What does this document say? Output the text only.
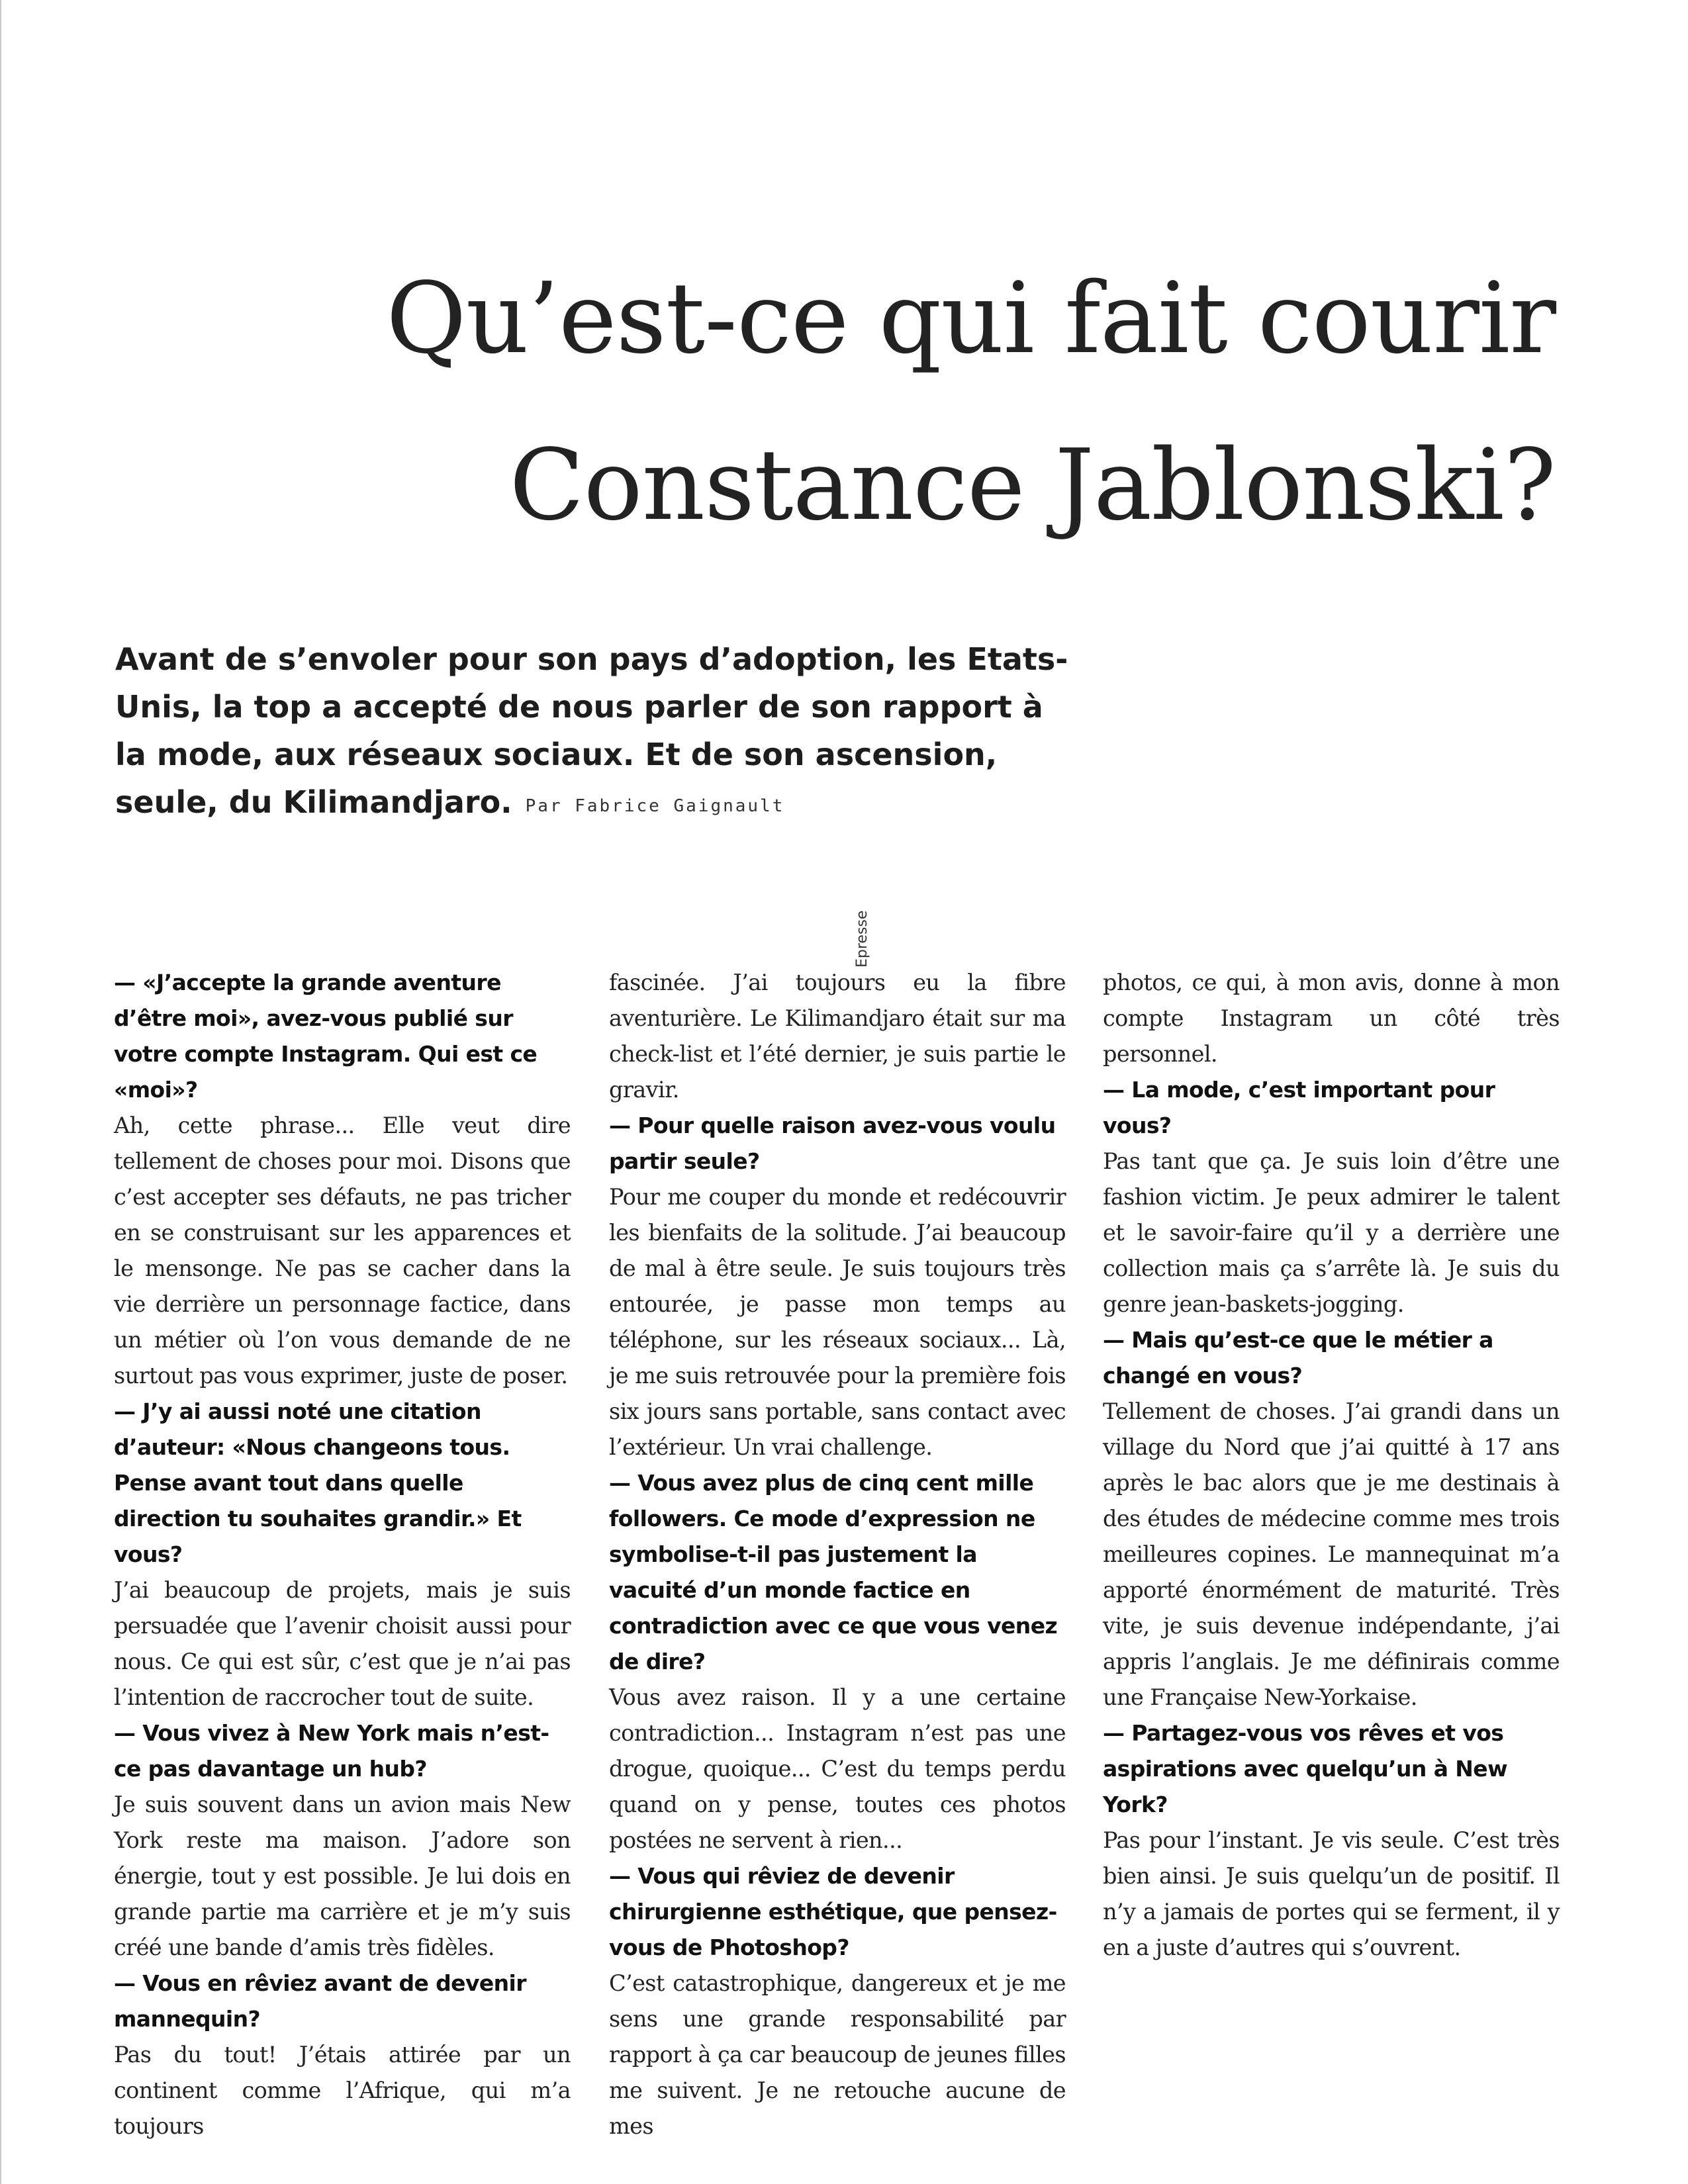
Qu’est-ce qui fait courir
Constance Jablonski?

Avant de s’envoler pour son pays d’adoption, les Etats-Unis, la top a accepté de nous parler de son rapport à la mode, aux réseaux sociaux. Et de son ascension, seule, du Kilimandjaro. Par Fabrice Gaignault

— «J’accepte la grande aventure d’être moi», avez-vous publié sur votre compte Instagram. Qui est ce «moi»?

Ah, cette phrase... Elle veut dire tellement de choses pour moi. Disons que c’est accepter ses défauts, ne pas tricher en se construisant sur les apparences et le mensonge. Ne pas se cacher dans la vie derrière un personnage factice, dans un métier où l’on vous demande de ne surtout pas vous exprimer, juste de poser.

— J’y ai aussi noté une citation d’auteur: «Nous changeons tous. Pense avant tout dans quelle direction tu souhaites grandir.» Et vous?

J’ai beaucoup de projets, mais je suis persuadée que l’avenir choisit aussi pour nous. Ce qui est sûr, c’est que je n’ai pas l’intention de raccrocher tout de suite.

— Vous vivez à New York mais n’est-ce pas davantage un hub?

Je suis souvent dans un avion mais New York reste ma maison. J’adore son énergie, tout y est possible. Je lui dois en grande partie ma carrière et je m’y suis créé une bande d’amis très fidèles.

— Vous en rêviez avant de devenir mannequin?

Pas du tout! J’étais attirée par un continent comme l’Afrique, qui m’a toujours

fascinée. J’ai toujours eu la fibre aventurière. Le Kilimandjaro était sur ma check-list et l’été dernier, je suis partie le gravir.

— Pour quelle raison avez-vous voulu partir seule?

Pour me couper du monde et redécouvrir les bienfaits de la solitude. J’ai beaucoup de mal à être seule. Je suis toujours très entourée, je passe mon temps au téléphone, sur les réseaux sociaux... Là, je me suis retrouvée pour la première fois six jours sans portable, sans contact avec l’extérieur. Un vrai challenge.

— Vous avez plus de cinq cent mille followers. Ce mode d’expression ne symbolise-t-il pas justement la vacuité d’un monde factice en contradiction avec ce que vous venez de dire?

Vous avez raison. Il y a une certaine contradiction... Instagram n’est pas une drogue, quoique... C’est du temps perdu quand on y pense, toutes ces photos postées ne servent à rien...

— Vous qui rêviez de devenir chirurgienne esthétique, que pensez-vous de Photoshop?

C’est catastrophique, dangereux et je me sens une grande responsabilité par rapport à ça car beaucoup de jeunes filles me suivent. Je ne retouche aucune de mes

photos, ce qui, à mon avis, donne à mon compte Instagram un côté très personnel.

— La mode, c’est important pour vous?

Pas tant que ça. Je suis loin d’être une fashion victim. Je peux admirer le talent et le savoir-faire qu’il y a derrière une collection mais ça s’arrête là. Je suis du genre jean-baskets-jogging.

— Mais qu’est-ce que le métier a changé en vous?

Tellement de choses. J’ai grandi dans un village du Nord que j’ai quitté à 17 ans après le bac alors que je me destinais à des études de médecine comme mes trois meilleures copines. Le mannequinat m’a apporté énormément de maturité. Très vite, je suis devenue indépendante, j’ai appris l’anglais. Je me définirais comme une Française New-Yorkaise.

— Partagez-vous vos rêves et vos aspirations avec quelqu’un à New York?

Pas pour l’instant. Je vis seule. C’est très bien ainsi. Je suis quelqu’un de positif. Il n’y a jamais de portes qui se ferment, il y en a juste d’autres qui s’ouvrent.

Epresse
